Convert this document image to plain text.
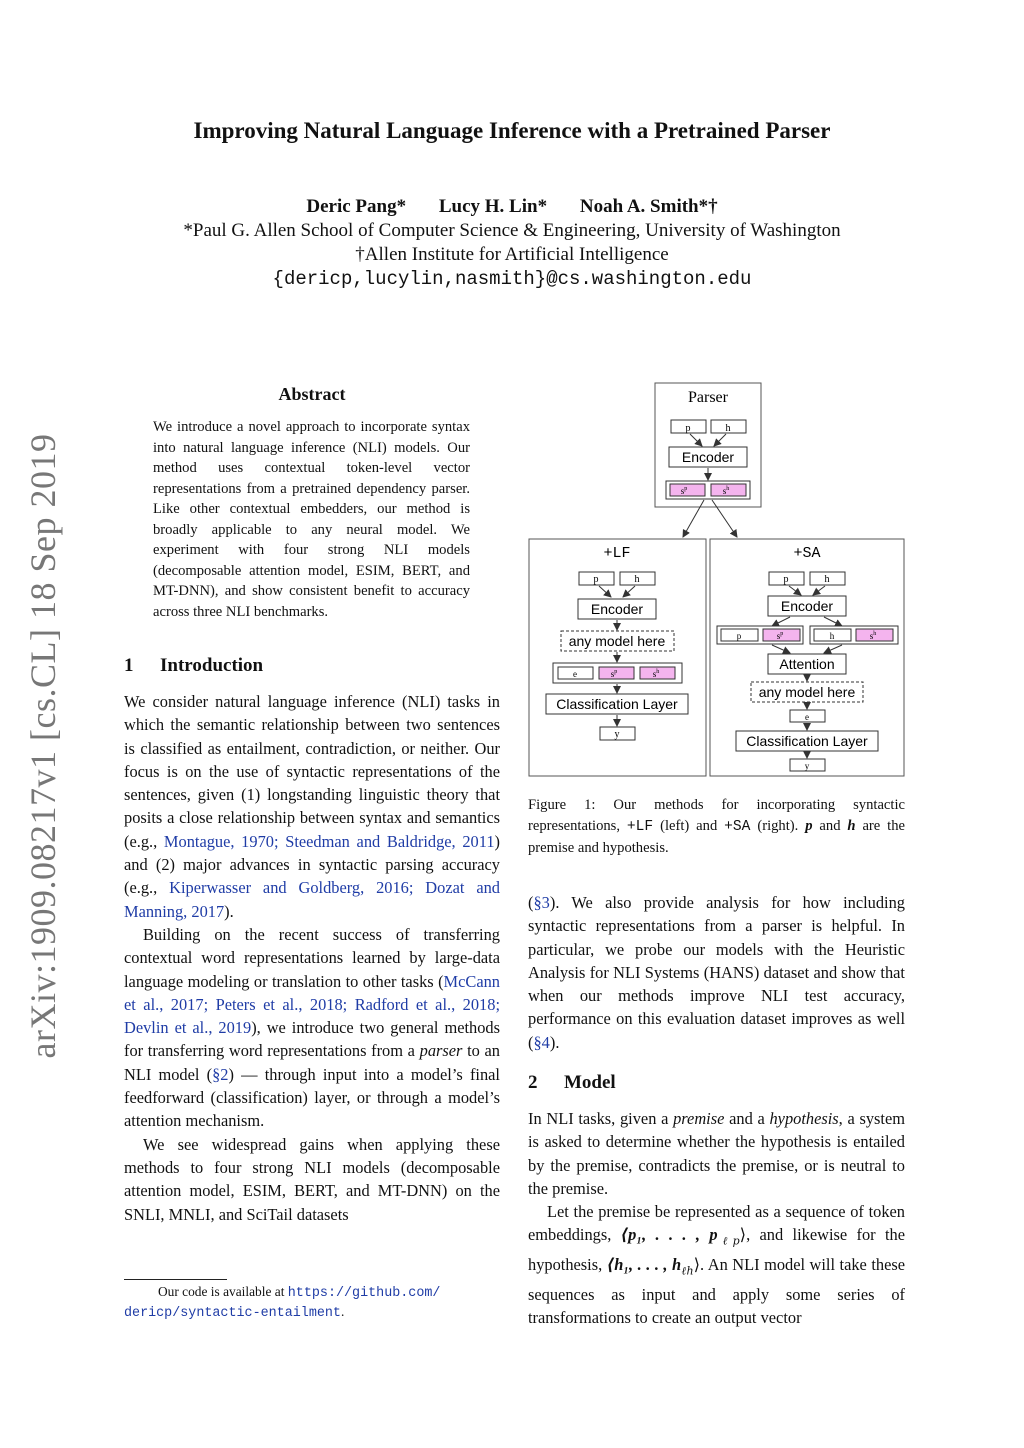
arXiv:1909.08217v1 [cs.CL] 18 Sep 2019
Improving Natural Language Inference with a Pretrained Parser
Deric Pang* Lucy H. Lin* Noah A. Smith*†
*Paul G. Allen School of Computer Science & Engineering, University of Washington
†Allen Institute for Artificial Intelligence
{dericp,lucylin,nasmith}@cs.washington.edu
Abstract
We introduce a novel approach to incorporate syntax into natural language inference (NLI) models. Our method uses contextual token-level vector representations from a pretrained dependency parser. Like other contextual embedders, our method is broadly applicable to any neural model. We experiment with four strong NLI models (decomposable attention model, ESIM, BERT, and MT-DNN), and show consistent benefit to accuracy across three NLI benchmarks.
1 Introduction

We consider natural language inference (NLI) tasks in which the semantic relationship between two sentences is classified as entailment, contradiction, or neither. Our focus is on the use of syntactic representations of the sentences, given (1) longstanding linguistic theory that posits a close relationship between syntax and semantics (e.g., Montague, 1970; Steedman and Baldridge, 2011) and (2) major advances in syntactic parsing accuracy (e.g., Kiperwasser and Goldberg, 2016; Dozat and Manning, 2017).

Building on the recent success of transferring contextual word representations learned by large-data language modeling or translation to other tasks (McCann et al., 2017; Peters et al., 2018; Radford et al., 2018; Devlin et al., 2019), we introduce two general methods for transferring word representations from a parser to an NLI model (§2) — through input into a model’s final feedforward (classification) layer, or through a model’s attention mechanism.

We see widespread gains when applying these methods to four strong NLI models (decomposable attention model, ESIM, BERT, and MT-DNN) on the SNLI, MNLI, and SciTail datasets

Our code is available at https://github.com/
dericp/syntactic-entailment.
Parser
p	h
Encoder
$s^p$	$s^h$
+LF
p	h
Encoder
any model here
e	$s^p$	$s^h$
Classification Layer
y
+SA
p	h
Encoder
p	$s^p$	h	$s^h$
Attention
any model here
e
Classification Layer
y
Figure 1: Our methods for incorporating syntactic representations, +LF (left) and +SA (right). p and h are the premise and hypothesis.

(§3). We also provide analysis for how including syntactic representations from a parser is helpful. In particular, we probe our models with the Heuristic Analysis for NLI Systems (HANS) dataset and show that when our methods improve NLI test accuracy, performance on this evaluation dataset improves as well (§4).

2 Model

In NLI tasks, given a premise and a hypothesis, a system is asked to determine whether the hypothesis is entailed by the premise, contradicts the premise, or is neutral to the premise.

Let the premise be represented as a sequence of token embeddings, ⟨p₁, . . . , $p_{\ell p}⟩$, and likewise for the hypothesis, ⟨h₁, . . . , $h_{\ell h}⟩$. An NLI model will take these sequences as input and apply some series of transformations to create an output vector
